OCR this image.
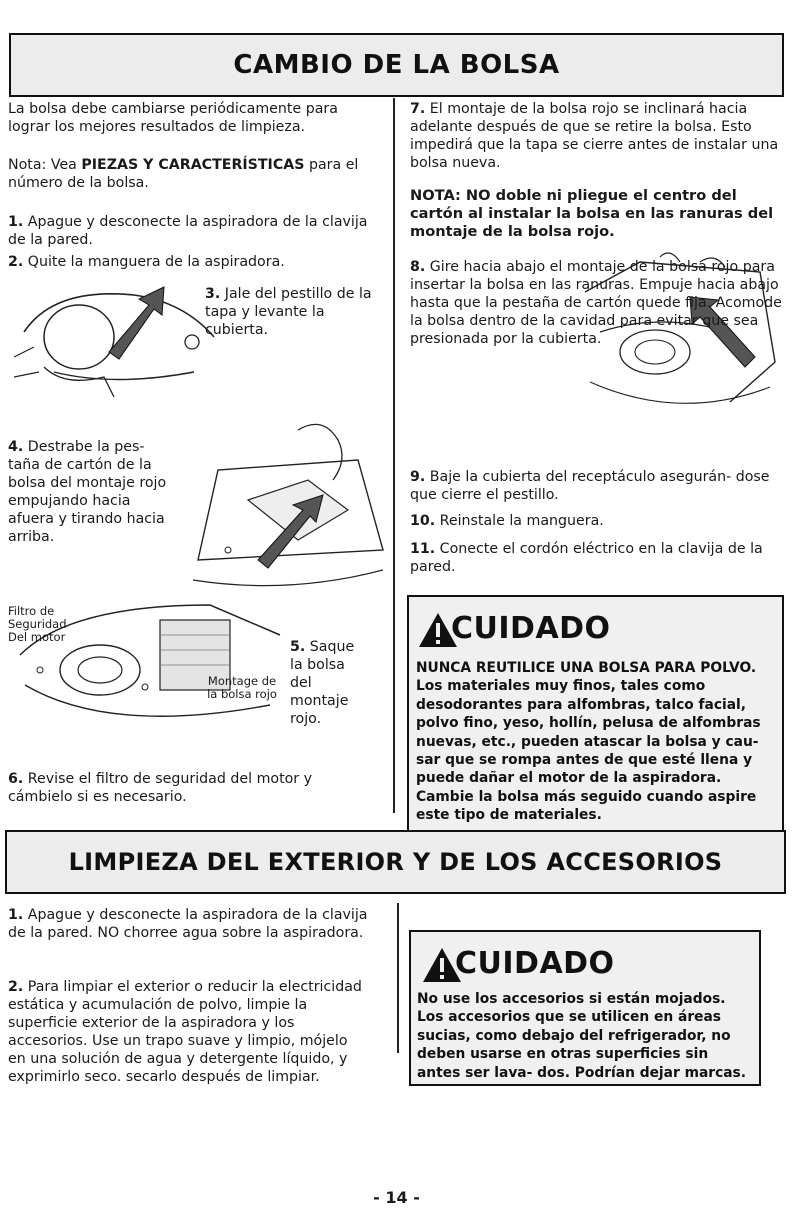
CAMBIO DE LA BOLSA

La bolsa debe cambiarse periódicamente para lograr los mejores resultados de limpieza.

Nota: Vea PIEZAS Y CARACTERÍSTICAS para el número de la bolsa.

1. Apague y desconecte la aspiradora de la clavija de la pared.

2. Quite la manguera de la aspiradora.

3. Jale del pestillo de la tapa y levante la cubierta.

4. Destrabe la pes- taña de cartón de la bolsa del montaje rojo empujando hacia afuera y tirando hacia arriba.

Filtro de Seguridad Del motor
Montage de la bolsa rojo

5. Saque la bolsa del montaje rojo.

6. Revise el filtro de seguridad del motor y cámbielo si es necesario.

7. El montaje de la bolsa rojo se inclinará hacia adelante después de que se retire la bolsa. Esto impedirá que la tapa se cierre antes de instalar una bolsa nueva.

NOTA: NO doble ni pliegue el centro del cartón al instalar la bolsa en las ranuras del montaje de la bolsa rojo.

8. Gire hacia abajo el montaje de la bolsa rojo para insertar la bolsa en las ranuras. Empuje hacia abajo hasta que la pestaña de cartón quede fija. Acomode la bolsa dentro de la cavidad para evitar que sea presionada por la cubierta.

9. Baje la cubierta del receptáculo asegurán- dose que cierre el pestillo.

10. Reinstale la manguera.

11. Conecte el cordón eléctrico en la clavija de la pared.

CUIDADO

NUNCA REUTILICE UNA BOLSA PARA POLVO. Los materiales muy finos, tales como desodorantes para alfombras, talco facial, polvo fino, yeso, hollín, pelusa de alfombras nuevas, etc., pueden atascar la bolsa y cau- sar que se rompa antes de que esté llena y puede dañar el motor de la aspiradora. Cambie la bolsa más seguido cuando aspire este tipo de materiales.

LIMPIEZA DEL EXTERIOR Y DE LOS ACCESORIOS

1. Apague y desconecte la aspiradora de la clavija de la pared. NO chorree agua sobre la aspiradora.

2. Para limpiar el exterior o reducir la electricidad estática y acumulación de polvo, limpie la superficie exterior de la aspiradora y los accesorios. Use un trapo suave y limpio, mójelo en una solución de agua y detergente líquido, y exprimirlo seco. secarlo después de limpiar.

CUIDADO

No use los accesorios si están mojados. Los accesorios que se utilicen en áreas sucias, como debajo del refrigerador, no deben usarse en otras superficies sin antes ser lava- dos. Podrían dejar marcas.

- 14 -
